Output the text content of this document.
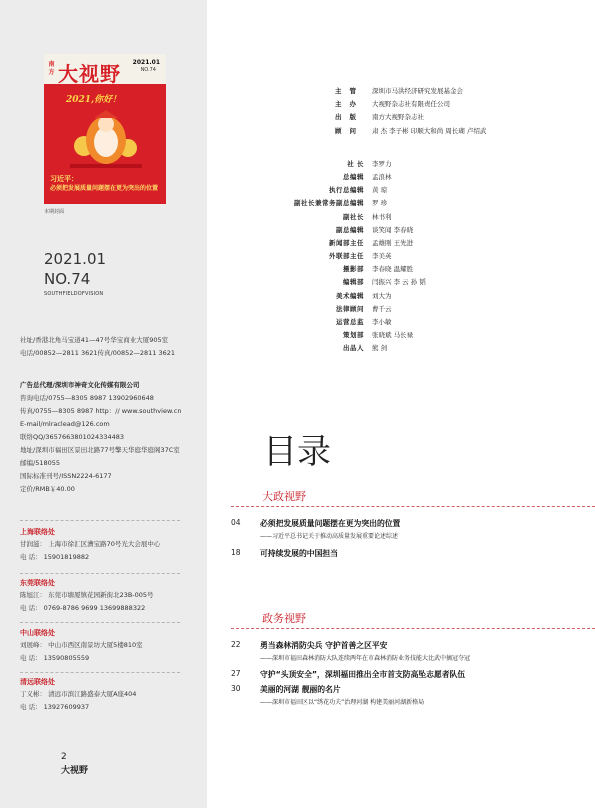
南方 大视野 2021.01
NO.74
2021,你好！
习近平：
必须把发展质量问题摆在更为突出的位置
本期封面
2021.01
NO.74
SOUTHFIELDOFVISION
社址/香港北角马宝道41—47号华宝商业大厦905室
电话/00852—2811 3621传真/00852—2811 3621
广告总代理/深圳市神奇文化传媒有限公司
咨询电话/0755—8305 8987 13902960648
传真/0755—8305 8987 http：// www.southview.cn
E-mail/mlraclead@126.com
联络QQ/3657663801024334483
地址/深圳市福田区景田北路77号擎天华庭华庭阁37C室
邮编/518055
国际标准刊号/ISSN2224-6177
定价/RMB￥40.00
上海联络处
甘润滋： 上海市徐汇区漕宝路70号光大会展中心
电 话： 15901819882
东莞联络处
陈旭江： 东莞市塘厦镇花园新街北23B-005号
电 话： 0769-8786 9699 13699888322
中山联络处
刘展峰： 中山市西区南景坊大厦5楼810室
电 话： 13590805559
清远联络处
丁义彬： 清远市滨江路盛泰大厦A座404
电 话： 13927609937
2
大视野
主管 深圳市马洪经济研究发展基金会
主办 大视野杂志社有限责任公司
出版 南方大视野杂志社
顾问 肃 杰 李子彬 印顺大和尚 周长瑚 卢绍武
社 长 李罗力
总编辑 孟浪林
执行总编辑 黄 琼
副社长兼常务副总编辑 罗 珍
副社长 林书利
副总编辑 谈笑闻 李春晓
新闻部主任 孟雄刚 王先进
外联部主任 李美英
摄影部 李春晓 温耀胜
编辑部 闫振兴 李 云 孙 韬
美术编辑 刘大为
法律顾问 曹千云
运营总监 李小敏
策划部 张晓斌 马长禄
出品人 熊 剑
目录
大政视野
04	必须把发展质量问题摆在更为突出的位置
——习近平总书记关于推动高质量发展重要论述综述
18	可持续发展的中国担当
政务视野
22	勇当森林消防尖兵 守护首善之区平安
——深圳市福田森林消防大队连续两年在市森林消防业务技能大比武中摘冠夺冠
27	守护“头顶安全”，深圳福田推出全市首支防高坠志愿者队伍
30	美丽的河湖 靓丽的名片
——深圳市福田区以“绣花功夫”治理河湖 构建美丽河湖新格局
